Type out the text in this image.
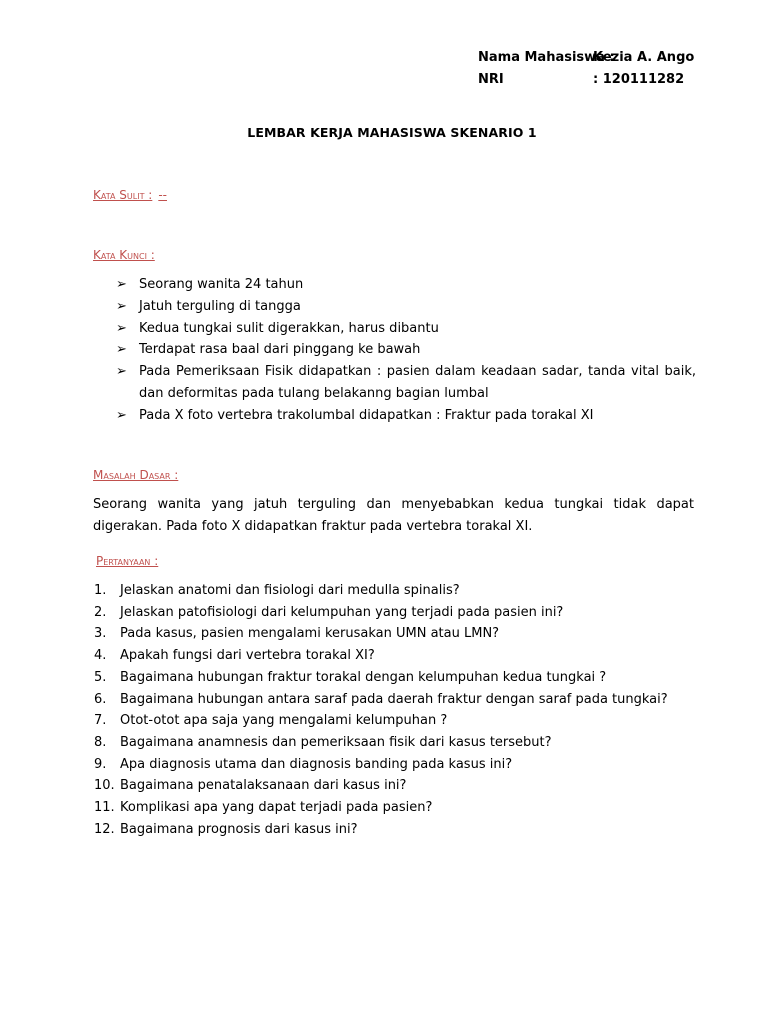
Nama Mahasiswa :
Kezia A. Ango
NRI	: 120111282
LEMBAR KERJA MAHASISWA SKENARIO 1
Kata Sulit : --
Kata Kunci :
➢ Seorang wanita 24 tahun
➢ Jatuh terguling di tangga
➢ Kedua tungkai sulit digerakkan, harus dibantu
➢ Terdapat rasa baal dari pinggang ke bawah
➢ Pada Pemeriksaan Fisik didapatkan : pasien dalam keadaan sadar, tanda vital baik, dan deformitas pada tulang belakanng bagian lumbal
➢ Pada X foto vertebra trakolumbal didapatkan : Fraktur pada torakal XI
Masalah Dasar :
Seorang wanita yang jatuh terguling dan menyebabkan kedua tungkai tidak dapat digerakan. Pada foto X didapatkan fraktur pada vertebra torakal XI.
Pertanyaan :
1.	Jelaskan anatomi dan fisiologi dari medulla spinalis?
2.	Jelaskan patofisiologi dari kelumpuhan yang terjadi pada pasien ini?
3.	Pada kasus, pasien mengalami kerusakan UMN atau LMN?
4.	Apakah fungsi dari vertebra torakal XI?
5.	Bagaimana hubungan fraktur torakal dengan kelumpuhan kedua tungkai ?
6.	Bagaimana hubungan antara saraf pada daerah fraktur dengan saraf pada tungkai?
7.	Otot-otot apa saja yang mengalami kelumpuhan ?
8.	Bagaimana anamnesis dan pemeriksaan fisik dari kasus tersebut?
9.	Apa diagnosis utama dan diagnosis banding pada kasus ini?
10. Bagaimana penatalaksanaan dari kasus ini?
11. Komplikasi apa yang dapat terjadi pada pasien?
12. Bagaimana prognosis dari kasus ini?
